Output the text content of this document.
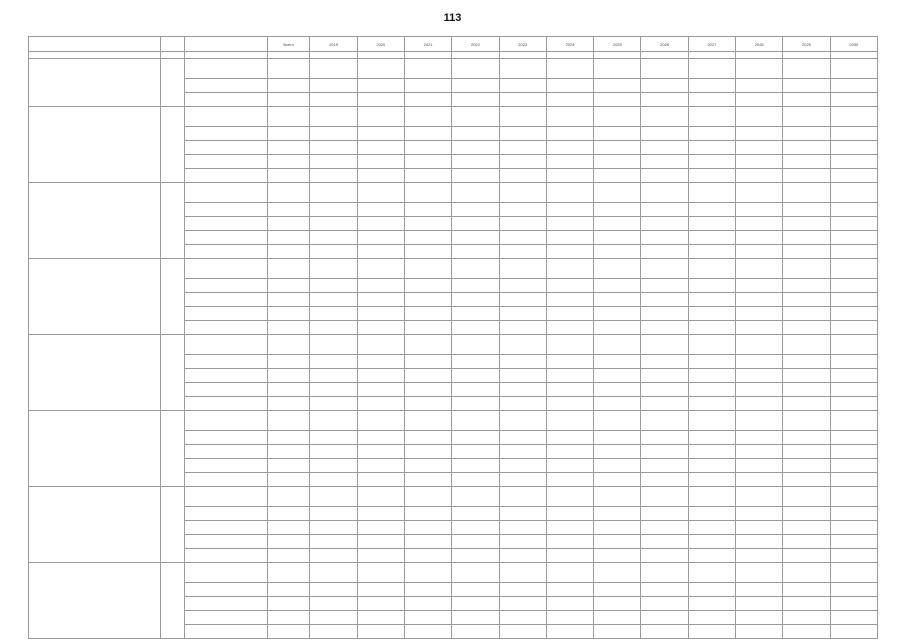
113
			Всего	2019	2020	2021	2022	2023	2024	2025	2026	2027	2028	2029	2030
